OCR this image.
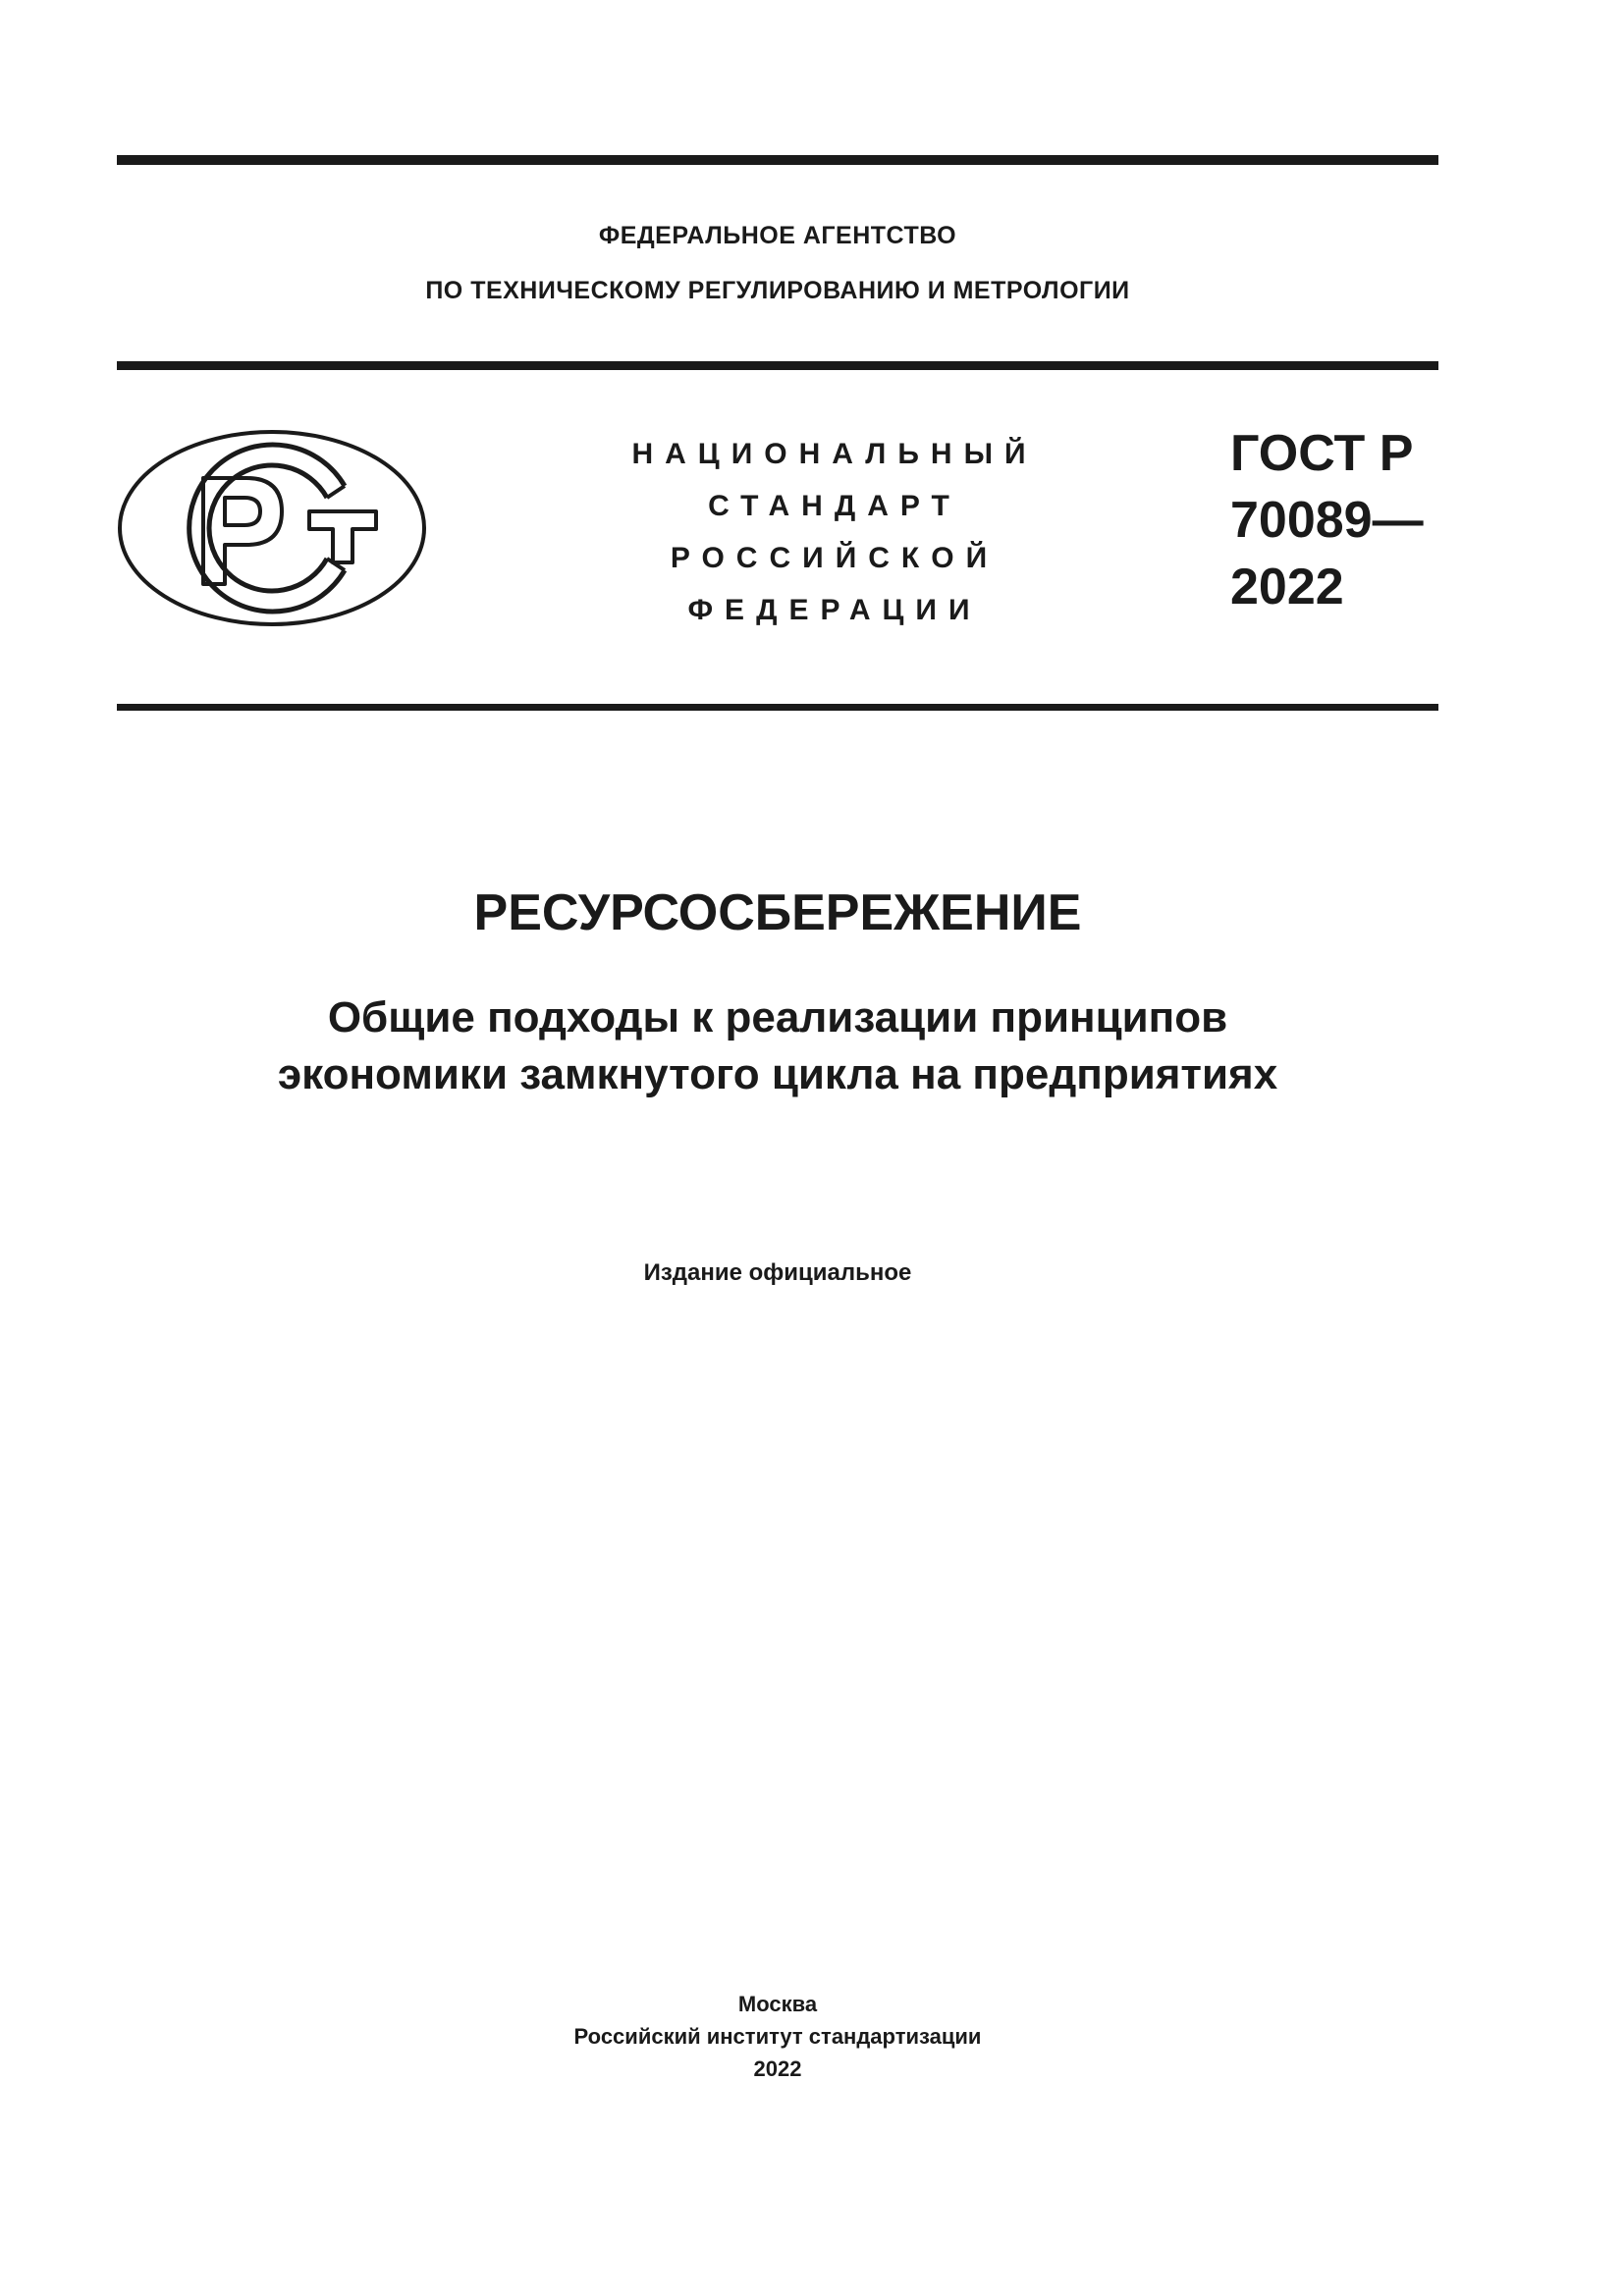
ФЕДЕРАЛЬНОЕ АГЕНТСТВО
ПО ТЕХНИЧЕСКОМУ РЕГУЛИРОВАНИЮ И МЕТРОЛОГИИ
НАЦИОНАЛЬНЫЙ
СТАНДАРТ
РОССИЙСКОЙ
ФЕДЕРАЦИИ
ГОСТ Р
70089—
2022
РЕСУРСОСБЕРЕЖЕНИЕ
Общие подходы к реализации принципов
экономики замкнутого цикла на предприятиях
Издание официальное
Москва
Российский институт стандартизации
2022
